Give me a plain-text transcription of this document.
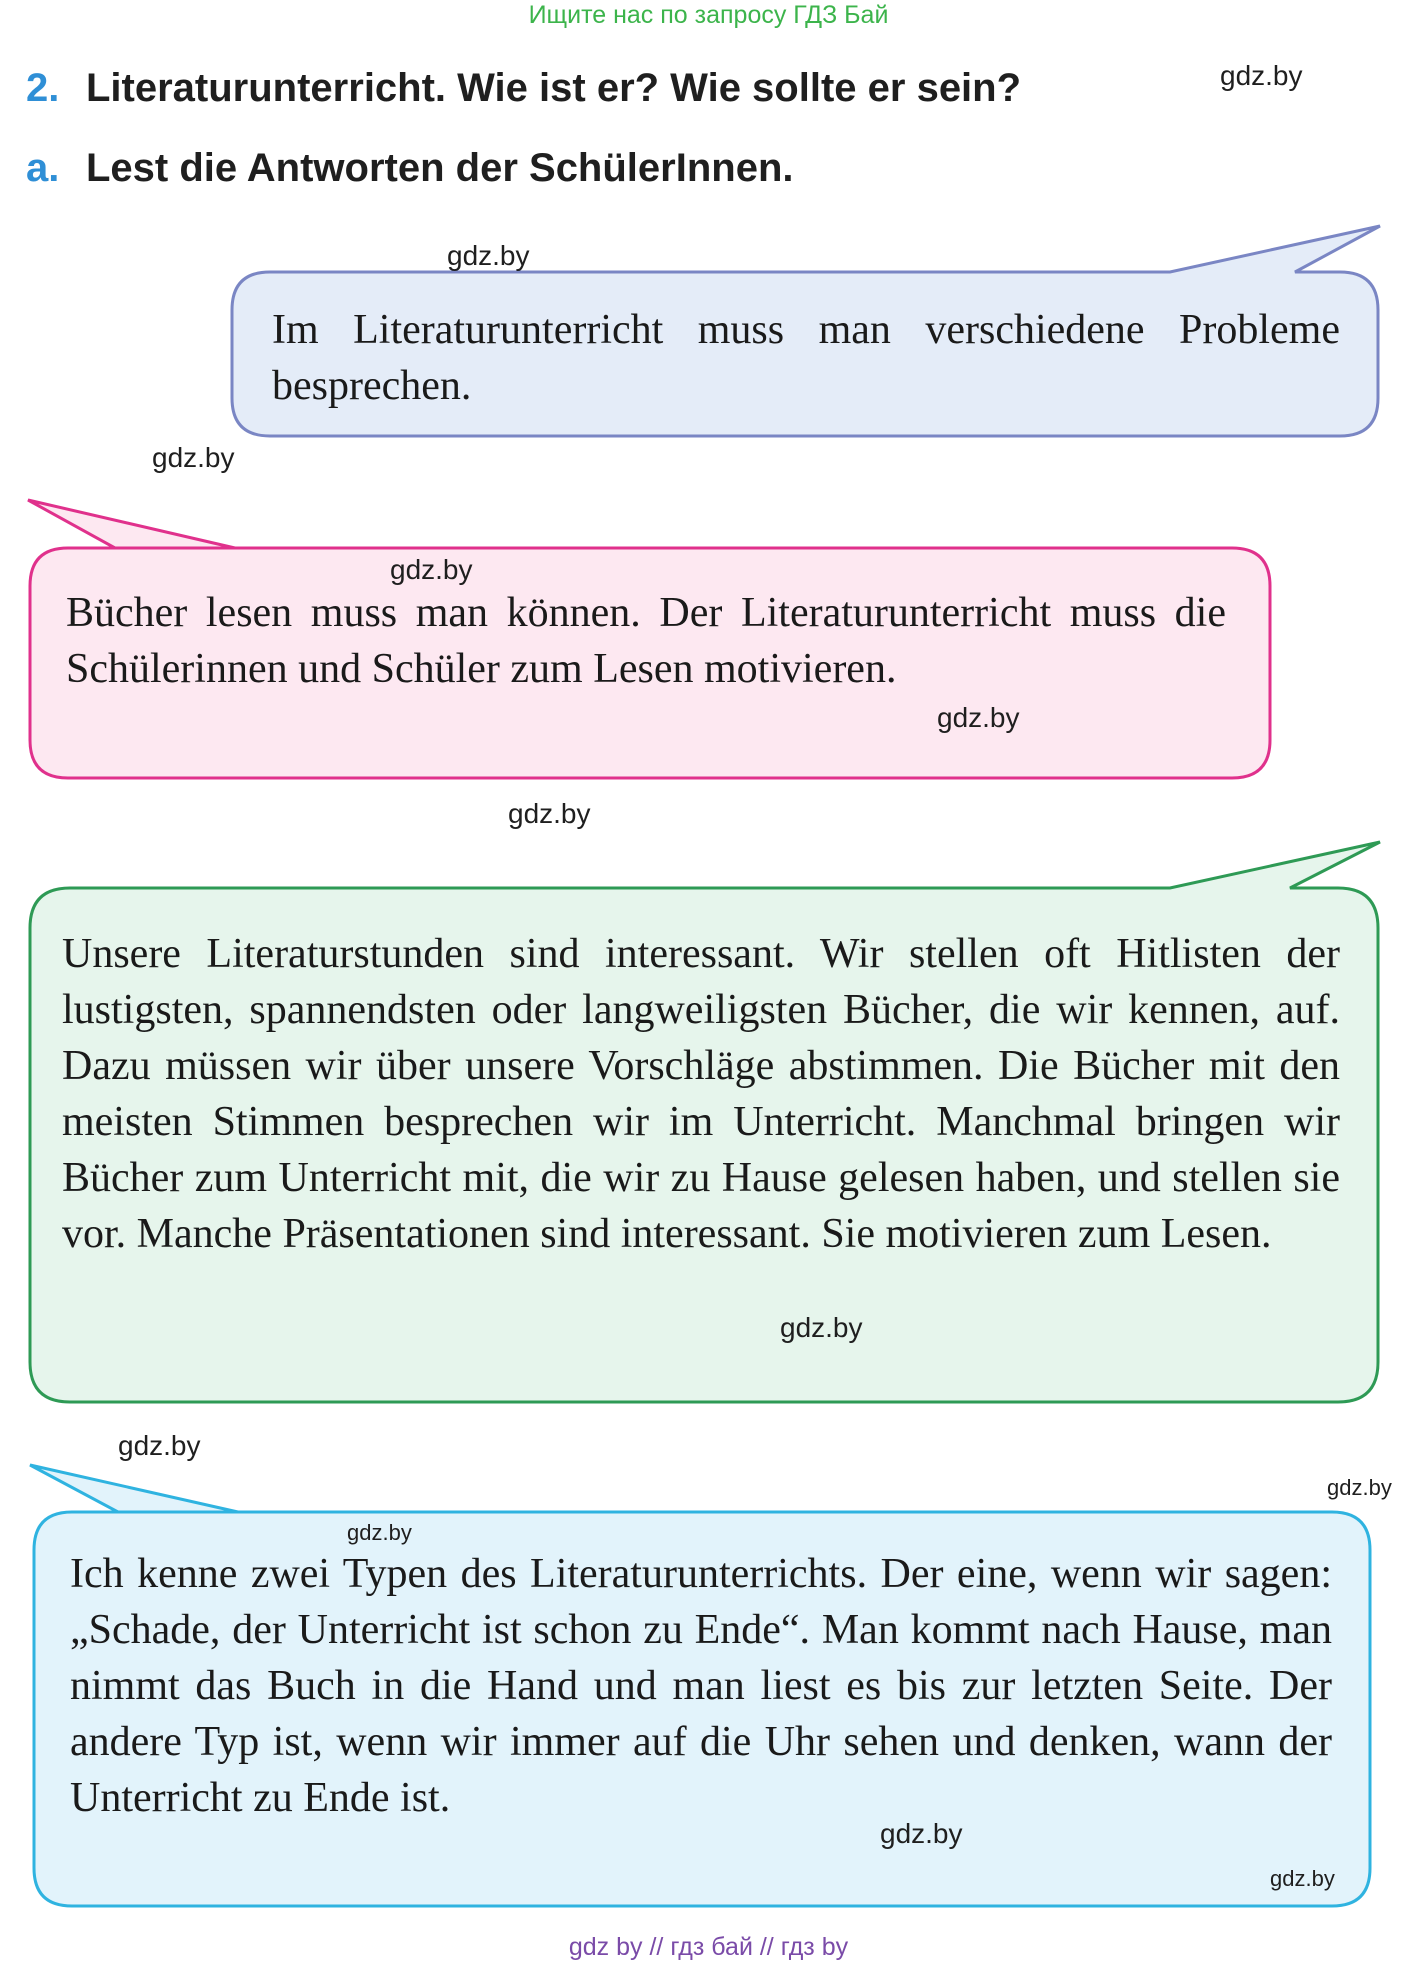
Ищите нас по запросу ГДЗ Бай
2. Literaturunterricht. Wie ist er? Wie sollte er sein?
a. Lest die Antworten der SchülerInnen.
Im Literaturunterricht muss man verschiedene Probleme besprechen.
Bücher lesen muss man können. Der Literaturunterricht muss die Schülerinnen und Schüler zum Lesen motivieren.
Unsere Literaturstunden sind interessant. Wir stellen oft Hitlisten der lustigsten, spannendsten oder langweiligsten Bücher, die wir kennen, auf. Dazu müssen wir über unsere Vorschläge abstimmen. Die Bücher mit den meisten Stimmen besprechen wir im Unterricht. Manchmal bringen wir Bücher zum Unterricht mit, die wir zu Hause gelesen haben, und stellen sie vor. Manche Präsentationen sind interessant. Sie motivieren zum Lesen.
Ich kenne zwei Typen des Literaturunterrichts. Der eine, wenn wir sagen: „Schade, der Unterricht ist schon zu Ende“. Man kommt nach Hause, man nimmt das Buch in die Hand und man liest es bis zur letzten Seite. Der andere Typ ist, wenn wir immer auf die Uhr sehen und denken, wann der Unterricht zu Ende ist.
gdz.by
gdz.by
gdz.by
gdz.by
gdz.by
gdz.by
gdz.by
gdz.by
gdz.by
gdz.by
gdz.by
gdz.by
gdz by // гдз бай // гдз by
